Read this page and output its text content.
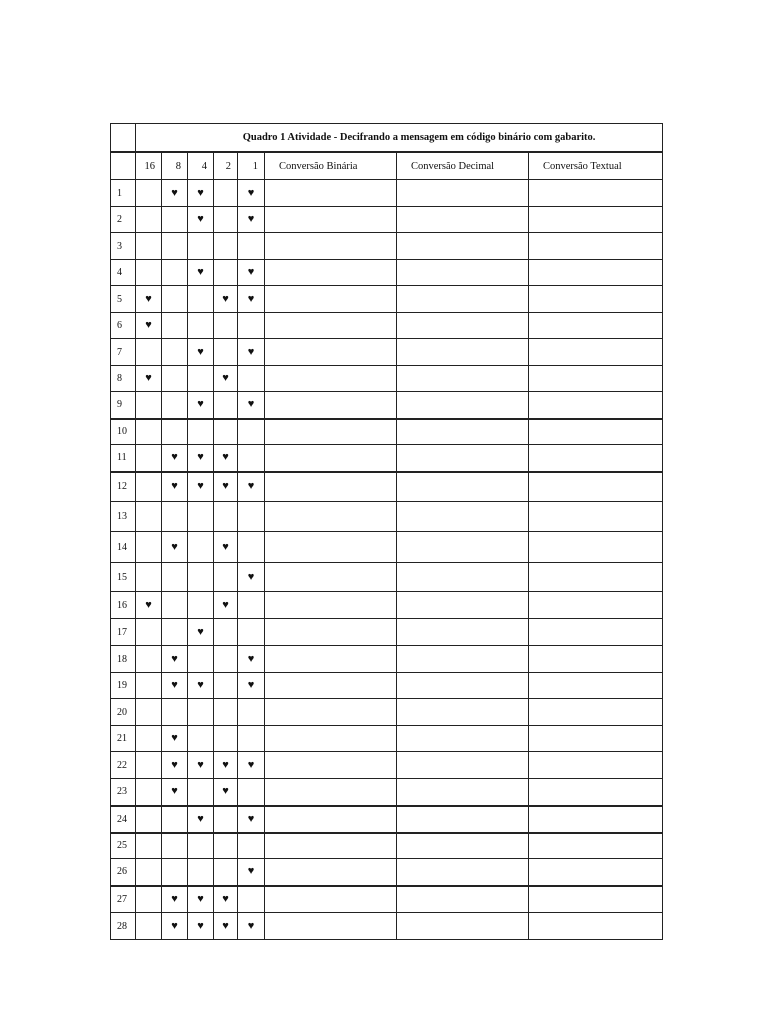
	Quadro 1 Atividade - Decifrando a mensagem em código binário com gabarito.							
	16	8	4	2	1	Conversão Binária	Conversão Decimal	Conversão Textual
1		♥	♥		♥			
2			♥		♥			
3								
4			♥		♥			
5	♥			♥	♥			
6	♥							
7			♥		♥			
8	♥			♥				
9			♥		♥			
10								
11		♥	♥	♥				
12		♥	♥	♥	♥			
13								
14		♥		♥				
15					♥			
16	♥			♥				
17			♥					
18		♥			♥			
19		♥	♥		♥			
20								
21		♥						
22		♥	♥	♥	♥			
23		♥		♥				
24			♥		♥			
25								
26					♥			
27		♥	♥	♥				
28		♥	♥	♥	♥			
